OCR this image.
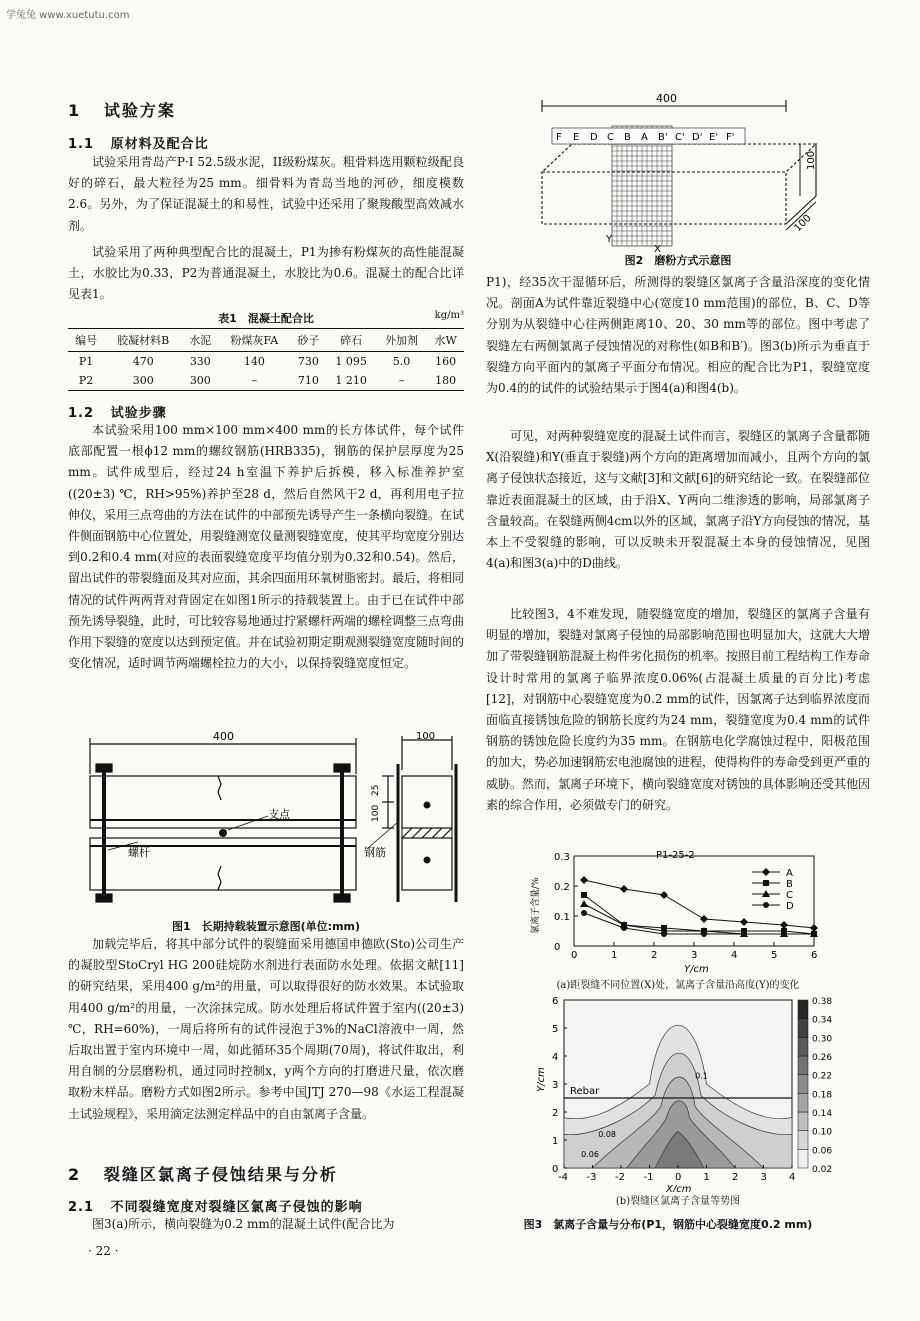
学兔兔 www.xuetutu.com
1 试验方案
1.1 原材料及配合比

试验采用青岛产P·I 52.5级水泥，II级粉煤灰。粗骨料选用颗粒级配良好的碎石，最大粒径为25 mm。细骨料为青岛当地的河砂，细度模数2.6。另外，为了保证混凝土的和易性，试验中还采用了聚羧酸型高效减水剂。

试验采用了两种典型配合比的混凝土，P1为掺有粉煤灰的高性能混凝土，水胶比为0.33，P2为普通混凝土，水胶比为0.6。混凝土的配合比详见表1。

表1　混凝土配合比	kg/m³
编号	胶凝材料B	水泥	粉煤灰FA	砂子	碎石	外加剂	水W
P1	470	330	140	730	1 095	5.0	160
P2	300	300	–	710	1 210	–	180
1.2 试验步骤

本试验采用100 mm×100 mm×400 mm的长方体试件，每个试件底部配置一根ϕ12 mm的螺纹钢筋(HRB335)，钢筋的保护层厚度为25 mm。试件成型后，经过24 h室温下养护后拆模，移入标准养护室((20±3) ℃，RH>95%)养护至28 d，然后自然风干2 d，再利用电子拉伸仪，采用三点弯曲的方法在试件的中部预先诱导产生一条横向裂缝。在试件侧面钢筋中心位置处，用裂缝测宽仪量测裂缝宽度，使其平均宽度分别达到0.2和0.4 mm(对应的表面裂缝宽度平均值分别为0.32和0.54)。然后，留出试件的带裂缝面及其对应面，其余四面用环氧树脂密封。最后，将相同情况的试件两两背对背固定在如图1所示的持载装置上。由于已在试件中部预先诱导裂缝，此时，可比较容易地通过拧紧螺杆两端的螺栓调整三点弯曲作用下裂缝的宽度以达到预定值。并在试验初期定期观测裂缝宽度随时间的变化情况，适时调节两端螺栓拉力的大小，以保持裂缝宽度恒定。

支点
螺杆
400	100
25
100
钢筋
图1　长期持载装置示意图(单位:mm)

加载完毕后，将其中部分试件的裂缝面采用德国申德欧(Sto)公司生产的凝胶型StoCryl HG 200硅烷防水剂进行表面防水处理。依据文献[11]的研究结果，采用400 g/m²的用量，可以取得很好的防水效果。本试验取用400 g/m²的用量，一次涂抹完成。防水处理后将试件置于室内((20±3) ℃，RH=60%)，一周后将所有的试件浸泡于3%的NaCl溶液中一周，然后取出置于室内环境中一周，如此循环35个周期(70周)，将试件取出，利用自制的分层磨粉机，通过同时控制x，y两个方向的打磨进尺量，依次磨取粉末样品。磨粉方式如图2所示。参考中国JTJ 270—98《水运工程混凝土试验规程》，采用滴定法测定样品中的自由氯离子含量。

2 裂缝区氯离子侵蚀结果与分析
2.1 不同裂缝宽度对裂缝区氯离子侵蚀的影响

图3(a)所示，横向裂缝为0.2 mm的混凝土试件(配合比为

· 22 ·
400
100
100
Y
X
F E D C B A B' C' D' E' F'
图2　磨粉方式示意图

P1)，经35次干湿循环后，所测得的裂缝区氯离子含量沿深度的变化情况。剖面A为试件靠近裂缝中心(宽度10 mm范围)的部位，B、C、D等分别为从裂缝中心往两侧距离10、20、30 mm等的部位。图中考虑了裂缝左右两侧氯离子侵蚀情况的对称性(如B和B′)。图3(b)所示为垂直于裂缝方向平面内的氯离子平面分布情况。相应的配合比为P1，裂缝宽度为0.4的的试件的试验结果示于图4(a)和图4(b)。

可见，对两种裂缝宽度的混凝土试件而言，裂缝区的氯离子含量都随X(沿裂缝)和Y(垂直于裂缝)两个方向的距离增加而减小，且两个方向的氯离子侵蚀状态接近，这与文献[3]和文献[6]的研究结论一致。在裂缝部位靠近表面混凝土的区域，由于沿X、Y两向二维渗透的影响，局部氯离子含量较高。在裂缝两侧4cm以外的区域，氯离子沿Y方向侵蚀的情况，基本上不受裂缝的影响，可以反映未开裂混凝土本身的侵蚀情况，见图4(a)和图3(a)中的D曲线。

比较图3，4不难发现，随裂缝宽度的增加，裂缝区的氯离子含量有明显的增加，裂缝对氯离子侵蚀的局部影响范围也明显加大，这就大大增加了带裂缝钢筋混凝土构件劣化损伤的机率。按照目前工程结构工作寿命设计时常用的氯离子临界浓度0.06%(占混凝土质量的百分比)考虑[12]，对钢筋中心裂缝宽度为0.2 mm的试件，因氯离子达到临界浓度而面临直接锈蚀危险的钢筋长度约为24 mm，裂缝宽度为0.4 mm的试件钢筋的锈蚀危险长度约为35 mm。在钢筋电化学腐蚀过程中，阳极范围的加大，势必加速钢筋宏电池腐蚀的进程，使得构件的寿命受到更严重的威胁。然而，氯离子环境下，横向裂缝宽度对锈蚀的具体影响还受其他因素的综合作用，必须做专门的研究。

0	1	2	3	4	5	6
0
0.1
0.2
0.3	P1-25-2
Y/cm
氯离子含量/%
A
B
C
D
(a)距裂缝不同位置(X)处，氯离子含量沿高度(Y)的变化
Rebar
0.08
0.06
0.1
-4 -3 -2 -1 0 1 2 3 4
0
1
2
3
4
5
6
X/cm
Y/cm
0.02
0.06
0.10
0.14
0.18
0.22
0.26
0.30
0.34
0.38
(b)裂缝区氯离子含量等势图
图3　氯离子含量与分布(P1，钢筋中心裂缝宽度0.2 mm)
